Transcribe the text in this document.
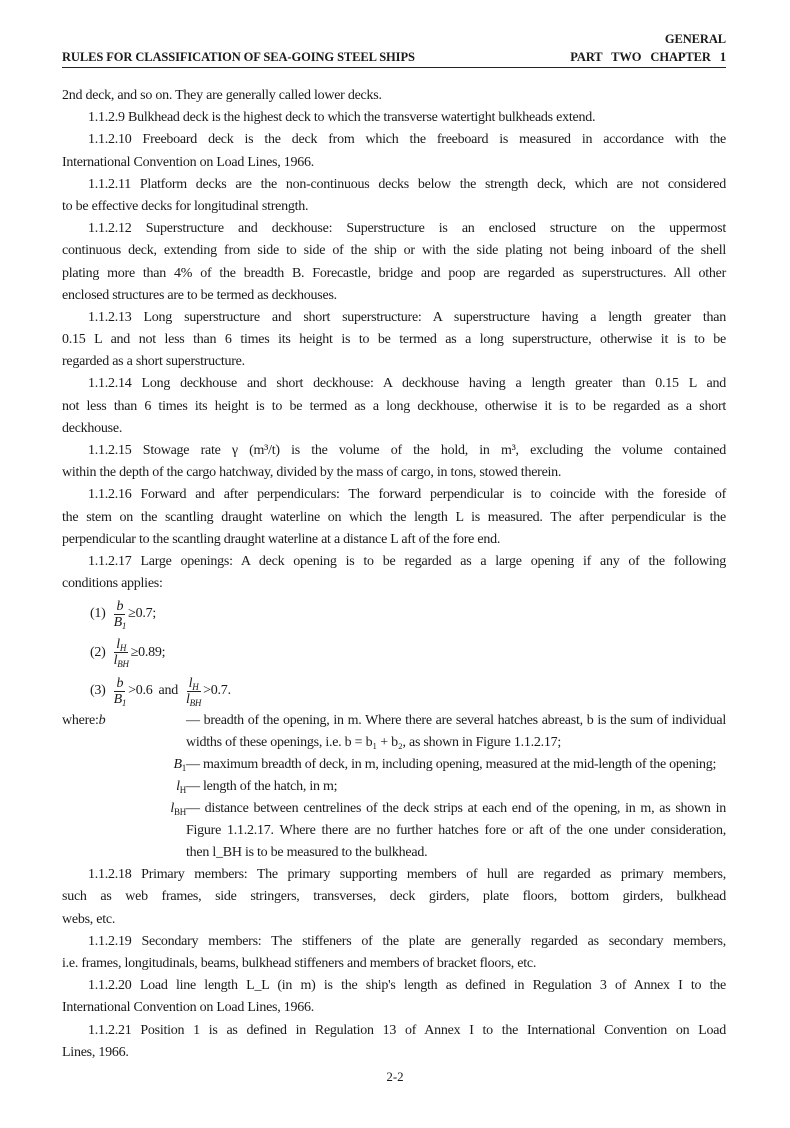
GENERAL
RULES FOR CLASSIFICATION OF SEA-GOING STEEL SHIPS	PART TWO CHAPTER 1
2nd deck, and so on. They are generally called lower decks.
1.1.2.9 Bulkhead deck is the highest deck to which the transverse watertight bulkheads extend.
1.1.2.10 Freeboard deck is the deck from which the freeboard is measured in accordance with the
International Convention on Load Lines, 1966.
1.1.2.11 Platform decks are the non-continuous decks below the strength deck, which are not considered
to be effective decks for longitudinal strength.
1.1.2.12 Superstructure and deckhouse: Superstructure is an enclosed structure on the uppermost
continuous deck, extending from side to side of the ship or with the side plating not being inboard of the shell
plating more than 4% of the breadth B. Forecastle, bridge and poop are regarded as superstructures. All other
enclosed structures are to be termed as deckhouses.
1.1.2.13 Long superstructure and short superstructure: A superstructure having a length greater than
0.15 L and not less than 6 times its height is to be termed as a long superstructure, otherwise it is to be
regarded as a short superstructure.
1.1.2.14 Long deckhouse and short deckhouse: A deckhouse having a length greater than 0.15 L and
not less than 6 times its height is to be termed as a long deckhouse, otherwise it is to be regarded as a short
deckhouse.
1.1.2.15 Stowage rate γ (m³/t) is the volume of the hold, in m³, excluding the volume contained
within the depth of the cargo hatchway, divided by the mass of cargo, in tons, stowed therein.
1.1.2.16 Forward and after perpendiculars: The forward perpendicular is to coincide with the foreside of
the stem on the scantling draught waterline on which the length L is measured. The after perpendicular is the
perpendicular to the scantling draught waterline at a distance L aft of the fore end.
1.1.2.17 Large openings: A deck opening is to be regarded as a large opening if any of the following
conditions applies:
$(1) \frac{b}{B_1} \ge 0.7$ ;
$(2) \frac{l_H}{l_{BH}} \ge 0.89$ ;
$(3) \frac{b}{B_1} >0.6$ and $\frac{l_H}{l_{BH}} >0.7$ .
where: b	— breadth of the opening, in m. Where there are several hatches abreast, b is the sum of individual
widths of these openings, i.e. b = b₁ + b₂, as shown in Figure 1.1.2.17;
$B_1$ — maximum breadth of deck, in m, including opening, measured at the mid-length of the opening;
$l_H$ — length of the hatch, in m;
$l_{BH}$ — distance between centrelines of the deck strips at each end of the opening, in m, as shown in
Figure 1.1.2.17. Where there are no further hatches fore or aft of the one under consideration,
then l_BH is to be measured to the bulkhead.
1.1.2.18 Primary members: The primary supporting members of hull are regarded as primary members,
such as web frames, side stringers, transverses, deck girders, plate floors, bottom girders, bulkhead
webs, etc.
1.1.2.19 Secondary members: The stiffeners of the plate are generally regarded as secondary members,
i.e. frames, longitudinals, beams, bulkhead stiffeners and members of bracket floors, etc.
1.1.2.20 Load line length L_L (in m) is the ship's length as defined in Regulation 3 of Annex I to the
International Convention on Load Lines, 1966.
1.1.2.21 Position 1 is as defined in Regulation 13 of Annex I to the International Convention on Load
Lines, 1966.
2-2
